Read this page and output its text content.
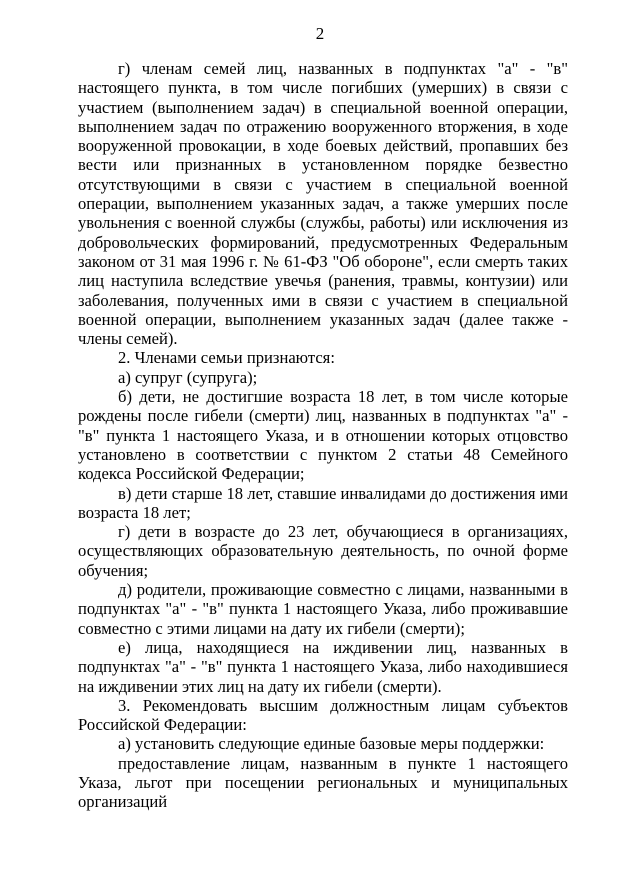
2

г) членам семей лиц, названных в подпунктах "а" - "в" настоящего пункта, в том числе погибших (умерших) в связи с участием (выполнением задач) в специальной военной операции, выполнением задач по отражению вооруженного вторжения, в ходе вооруженной провокации, в ходе боевых действий, пропавших без вести или признанных в установленном порядке безвестно отсутствующими в связи с участием в специальной военной операции, выполнением указанных задач, а также умерших после увольнения с военной службы (службы, работы) или исключения из добровольческих формирований, предусмотренных Федеральным законом от 31 мая 1996 г. № 61-ФЗ "Об обороне", если смерть таких лиц наступила вследствие увечья (ранения, травмы, контузии) или заболевания, полученных ими в связи с участием в специальной военной операции, выполнением указанных задач (далее также - члены семей).

2. Членами семьи признаются:

а) супруг (супруга);

б) дети, не достигшие возраста 18 лет, в том числе которые рождены после гибели (смерти) лиц, названных в подпунктах "а" - "в" пункта 1 настоящего Указа, и в отношении которых отцовство установлено в соответствии с пунктом 2 статьи 48 Семейного кодекса Российской Федерации;

в) дети старше 18 лет, ставшие инвалидами до достижения ими возраста 18 лет;

г) дети в возрасте до 23 лет, обучающиеся в организациях, осуществляющих образовательную деятельность, по очной форме обучения;

д) родители, проживающие совместно с лицами, названными в подпунктах "а" - "в" пункта 1 настоящего Указа, либо проживавшие совместно с этими лицами на дату их гибели (смерти);

е) лица, находящиеся на иждивении лиц, названных в подпунктах "а" - "в" пункта 1 настоящего Указа, либо находившиеся на иждивении этих лиц на дату их гибели (смерти).

3. Рекомендовать высшим должностным лицам субъектов Российской Федерации:

а) установить следующие единые базовые меры поддержки:

предоставление лицам, названным в пункте 1 настоящего Указа, льгот при посещении региональных и муниципальных организаций
